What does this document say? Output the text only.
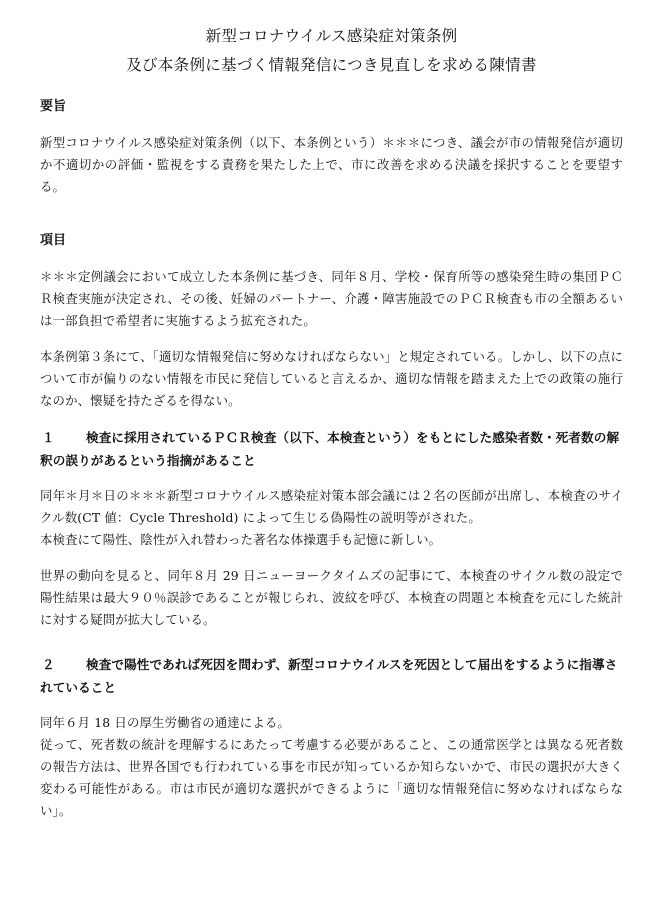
新型コロナウイルス感染症対策条例
及び本条例に基づく情報発信につき見直しを求める陳情書
要旨

新型コロナウイルス感染症対策条例（以下、本条例という）＊＊＊につき、議会が市の情報発信が適切か不適切かの評価・監視をする責務を果たした上で、市に改善を求める決議を採択することを要望する。

項目

＊＊＊定例議会において成立した本条例に基づき、同年８月、学校・保育所等の感染発生時の集団ＰＣＲ検査実施が決定され、その後、妊婦のパートナー、介護・障害施設でのＰＣＲ検査も市の全額あるいは一部負担で希望者に実施するよう拡充された。

本条例第３条にて、「適切な情報発信に努めなければならない」と規定されている。しかし、以下の点について市が偏りのない情報を市民に発信していると言えるか、適切な情報を踏まえた上での政策の施行なのか、懐疑を持たざるを得ない。

１ 検査に採用されているＰＣＲ検査（以下、本検査という）をもとにした感染者数・死者数の解釈の誤りがあるという指摘があること

同年＊月＊日の＊＊＊新型コロナウイルス感染症対策本部会議には２名の医師が出席し、本検査のサイクル数(CT 値：Cycle Threshold) によって生じる偽陽性の説明等がされた。
本検査にて陽性、陰性が入れ替わった著名な体操選手も記憶に新しい。

世界の動向を見ると、同年８月 29 日ニューヨークタイムズの記事にて、本検査のサイクル数の設定で陽性結果は最大９０％誤診であることが報じられ、波紋を呼び、本検査の問題と本検査を元にした統計に対する疑問が拡大している。

２ 検査で陽性であれば死因を問わず、新型コロナウイルスを死因として届出をするように指導されていること

同年６月 18 日の厚生労働省の通達による。
従って、死者数の統計を理解するにあたって考慮する必要があること、この通常医学とは異なる死者数の報告方法は、世界各国でも行われている事を市民が知っているか知らないかで、市民の選択が大きく変わる可能性がある。市は市民が適切な選択ができるように「適切な情報発信に努めなければならない」。
